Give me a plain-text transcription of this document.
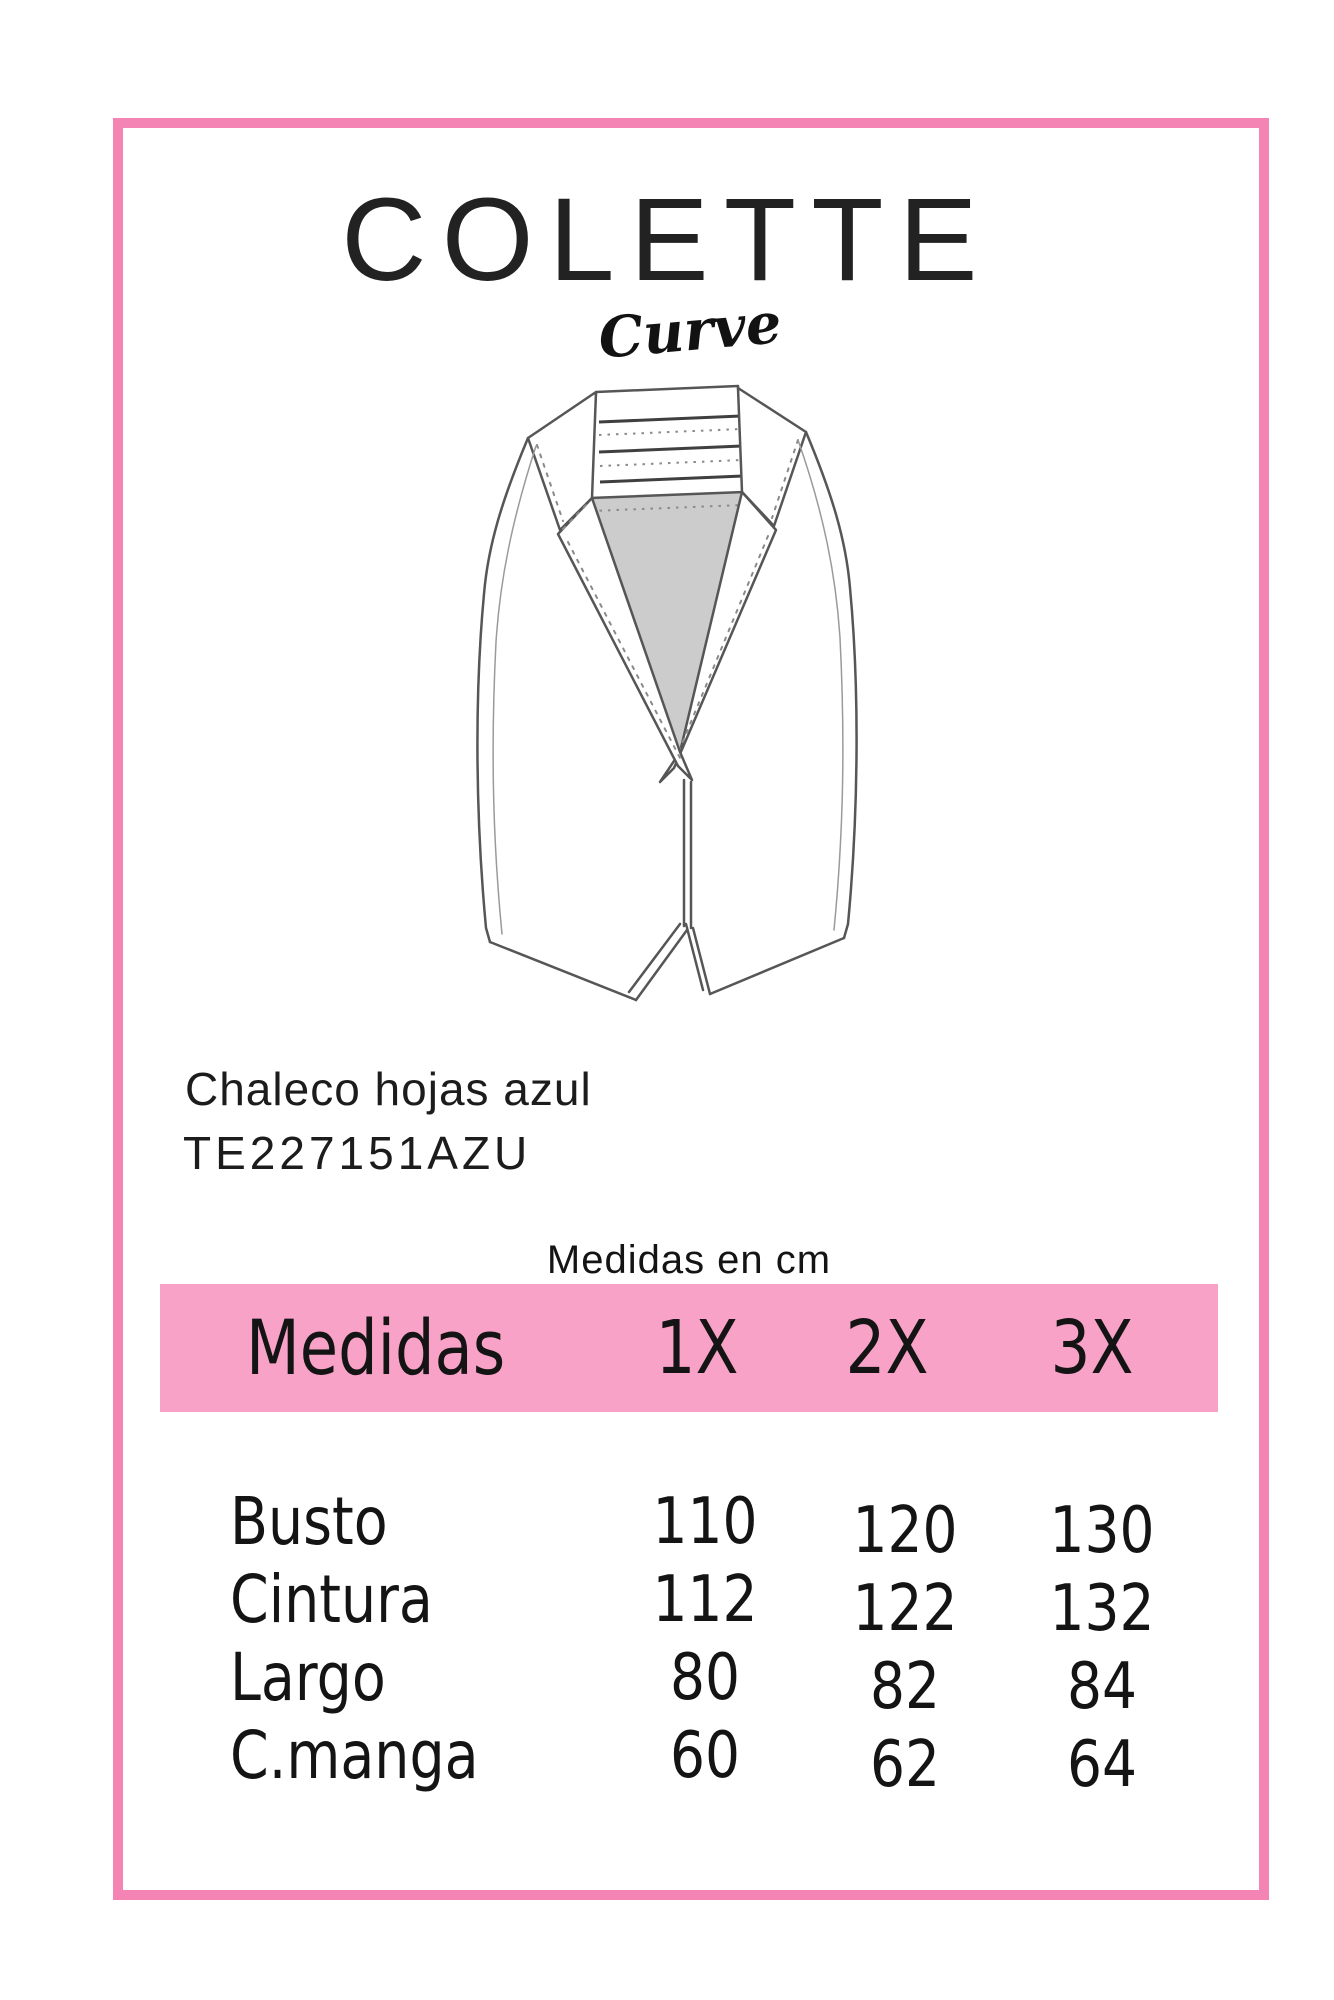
COLETTE
Curve
Chaleco hojas azul
TE227151AZU
Medidas en cm
Medidas 1X 2X 3X
Busto	110 120 130
Cintura	112 122 132
Largo	80 82 84
C.manga	60 62 64
